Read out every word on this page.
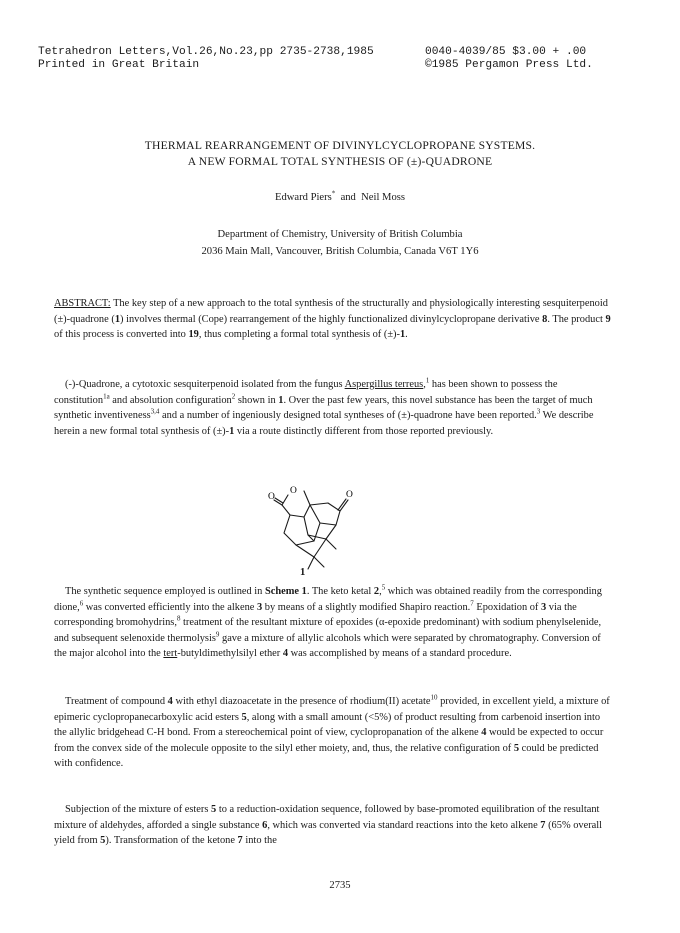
Tetrahedron Letters,Vol.26,No.23,pp 2735-2738,1985
Printed in Great Britain
0040-4039/85 $3.00 + .00
©1985 Pergamon Press Ltd.
THERMAL REARRANGEMENT OF DIVINYLCYCLOPROPANE SYSTEMS.
A NEW FORMAL TOTAL SYNTHESIS OF (±)-QUADRONE
Edward Piers* and Neil Moss
Department of Chemistry, University of British Columbia
2036 Main Mall, Vancouver, British Columbia, Canada V6T 1Y6

ABSTRACT: The key step of a new approach to the total synthesis of the structurally and physiologically interesting sesquiterpenoid (±)-quadrone (1) involves thermal (Cope) rearrangement of the highly functionalized divinylcyclopropane derivative 8. The product 9 of this process is converted into 19, thus completing a formal total synthesis of (±)-1.

(-)-Quadrone, a cytotoxic sesquiterpenoid isolated from the fungus Aspergillus terreus,$^1$ has been shown to possess the constitution$^{1a}$ and absolution configuration$^2$ shown in 1. Over the past few years, this novel substance has been the target of much synthetic inventiveness$^{3,4}$ and a number of ingeniously designed total syntheses of (±)-quadrone have been reported.$^3$ We describe herein a new formal total synthesis of (±)-1 via a route distinctly different from those reported previously.

O
O	O
1

The synthetic sequence employed is outlined in Scheme 1. The keto ketal 2,$^5$ which was obtained readily from the corresponding dione,$^6$ was converted efficiently into the alkene 3 by means of a slightly modified Shapiro reaction.$^7$ Epoxidation of 3 via the corresponding bromohydrins,$^8$ treatment of the resultant mixture of epoxides (α-epoxide predominant) with sodium phenylselenide, and subsequent selenoxide thermolysis$^9$ gave a mixture of allylic alcohols which were separated by chromatography. Conversion of the major alcohol into the tert-butyldimethylsilyl ether 4 was accomplished by means of a standard procedure.

Treatment of compound 4 with ethyl diazoacetate in the presence of rhodium(II) acetate$^{10}$ provided, in excellent yield, a mixture of epimeric cyclopropanecarboxylic acid esters 5, along with a small amount (<5%) of product resulting from carbenoid insertion into the allylic bridgehead C-H bond. From a stereochemical point of view, cyclopropanation of the alkene 4 would be expected to occur from the convex side of the molecule opposite to the silyl ether moiety, and, thus, the relative configuration of 5 could be predicted with confidence.

Subjection of the mixture of esters 5 to a reduction-oxidation sequence, followed by base-promoted equilibration of the resultant mixture of aldehydes, afforded a single substance 6, which was converted via standard reactions into the keto alkene 7 (65% overall yield from 5). Transformation of the ketone 7 into the

2735
